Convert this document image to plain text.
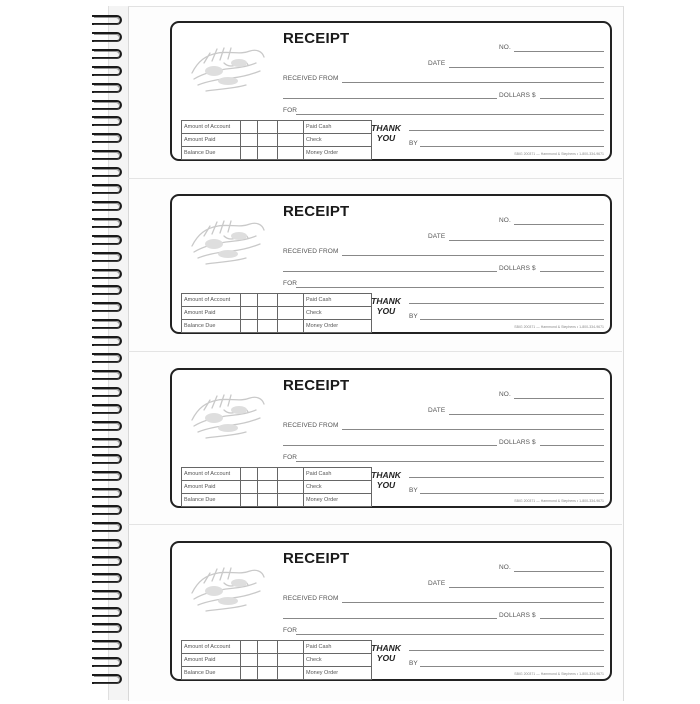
RECEIPT
NO.
DATE
RECEIVED FROM
DOLLARS $
FOR
Amount of Account				Paid Cash
Amount Paid				Check
Balance Due				Money Order
THANK
YOU
BY
SBIG 200371 — Hammond & Stephens • 1-800-334-9671
RECEIPT
NO.
DATE
RECEIVED FROM
DOLLARS $
FOR
Amount of Account				Paid Cash
Amount Paid				Check
Balance Due				Money Order
THANK
YOU
BY
SBIG 200371 — Hammond & Stephens • 1-800-334-9671
RECEIPT
NO.
DATE
RECEIVED FROM
DOLLARS $
FOR
Amount of Account				Paid Cash
Amount Paid				Check
Balance Due				Money Order
THANK
YOU
BY
SBIG 200371 — Hammond & Stephens • 1-800-334-9671
RECEIPT
NO.
DATE
RECEIVED FROM
DOLLARS $
FOR
Amount of Account				Paid Cash
Amount Paid				Check
Balance Due				Money Order
THANK
YOU
BY
SBIG 200371 — Hammond & Stephens • 1-800-334-9671
